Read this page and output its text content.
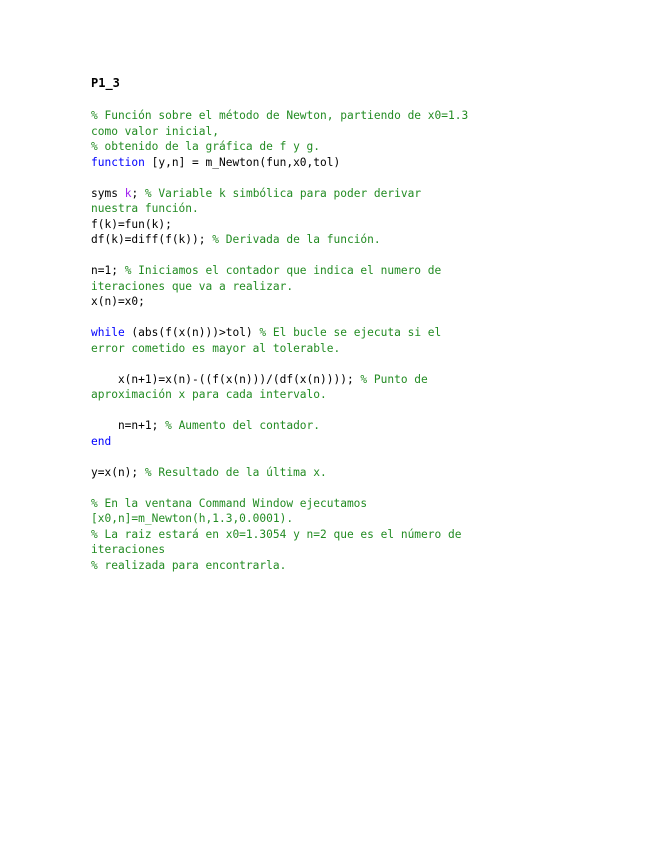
P1_3
% Función sobre el método de Newton, partiendo de x0=1.3
como valor inicial,
% obtenido de la gráfica de f y g.
function [y,n] = m_Newton(fun,x0,tol)
syms k; % Variable k simbólica para poder derivar
nuestra función.
f(k)=fun(k);
df(k)=diff(f(k)); % Derivada de la función.
n=1; % Iniciamos el contador que indica el numero de
iteraciones que va a realizar.
x(n)=x0;
while (abs(f(x(n)))>tol) % El bucle se ejecuta si el
error cometido es mayor al tolerable.
x(n+1)=x(n)-((f(x(n)))/(df(x(n)))); % Punto de
aproximación x para cada intervalo.
n=n+1; % Aumento del contador.
end
y=x(n); % Resultado de la última x.
% En la ventana Command Window ejecutamos
[x0,n]=m_Newton(h,1.3,0.0001).
% La raiz estará en x0=1.3054 y n=2 que es el número de
iteraciones
% realizada para encontrarla.
